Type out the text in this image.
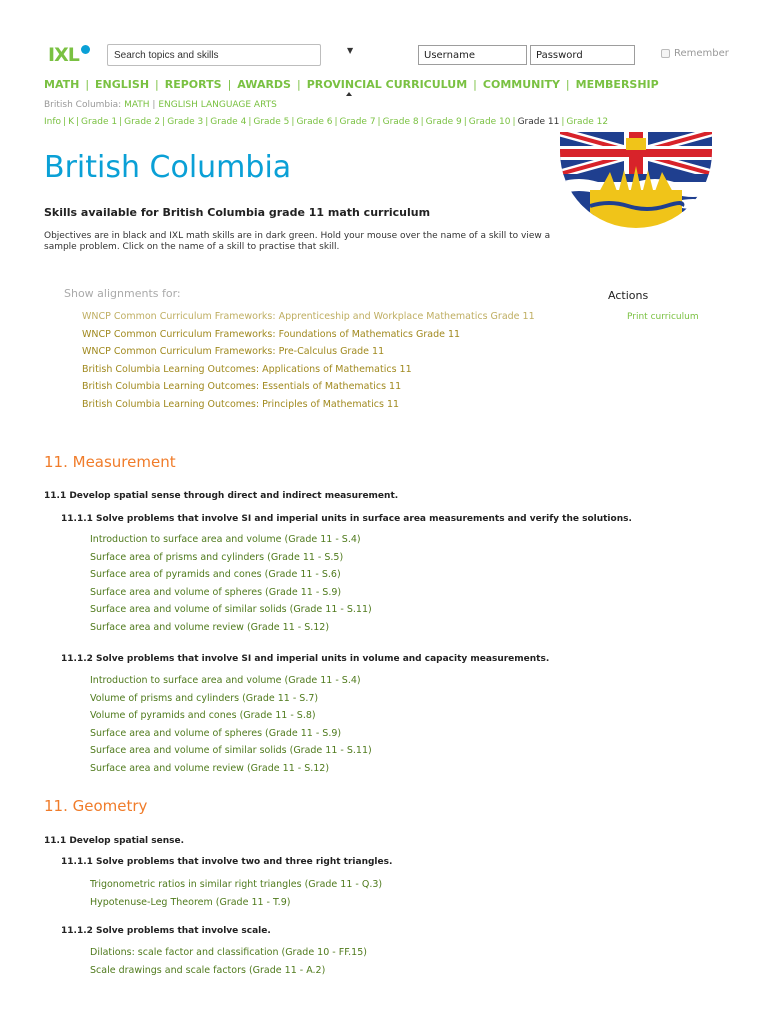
IXL
Search topics and skills	▼
Username
Password	Remember
MATH | ENGLISH | REPORTS | AWARDS | PROVINCIAL CURRICULUM | COMMUNITY | MEMBERSHIP
British Columbia: MATH | ENGLISH LANGUAGE ARTS
Info | K | Grade 1 | Grade 2 | Grade 3 | Grade 4 | Grade 5 | Grade 6 | Grade 7 | Grade 8 | Grade 9 | Grade 10 | Grade 11 | Grade 12
British Columbia
Skills available for British Columbia grade 11 math curriculum

Objectives are in black and IXL math skills are in dark green. Hold your mouse over the name of a skill to view a sample problem. Click on the name of a skill to practise that skill.

Show alignments for:
WNCP Common Curriculum Frameworks: Apprenticeship and Workplace Mathematics Grade 11
WNCP Common Curriculum Frameworks: Foundations of Mathematics Grade 11
WNCP Common Curriculum Frameworks: Pre-Calculus Grade 11
British Columbia Learning Outcomes: Applications of Mathematics 11
British Columbia Learning Outcomes: Essentials of Mathematics 11
British Columbia Learning Outcomes: Principles of Mathematics 11
Actions
Print curriculum
11. Measurement
11.1 Develop spatial sense through direct and indirect measurement.
11.1.1 Solve problems that involve SI and imperial units in surface area measurements and verify the solutions.
Introduction to surface area and volume (Grade 11 - S.4)
Surface area of prisms and cylinders (Grade 11 - S.5)
Surface area of pyramids and cones (Grade 11 - S.6)
Surface area and volume of spheres (Grade 11 - S.9)
Surface area and volume of similar solids (Grade 11 - S.11)
Surface area and volume review (Grade 11 - S.12)
11.1.2 Solve problems that involve SI and imperial units in volume and capacity measurements.
Introduction to surface area and volume (Grade 11 - S.4)
Volume of prisms and cylinders (Grade 11 - S.7)
Volume of pyramids and cones (Grade 11 - S.8)
Surface area and volume of spheres (Grade 11 - S.9)
Surface area and volume of similar solids (Grade 11 - S.11)
Surface area and volume review (Grade 11 - S.12)
11. Geometry
11.1 Develop spatial sense.
11.1.1 Solve problems that involve two and three right triangles.
Trigonometric ratios in similar right triangles (Grade 11 - Q.3)
Hypotenuse-Leg Theorem (Grade 11 - T.9)
11.1.2 Solve problems that involve scale.
Dilations: scale factor and classification (Grade 10 - FF.15)
Scale drawings and scale factors (Grade 11 - A.2)
